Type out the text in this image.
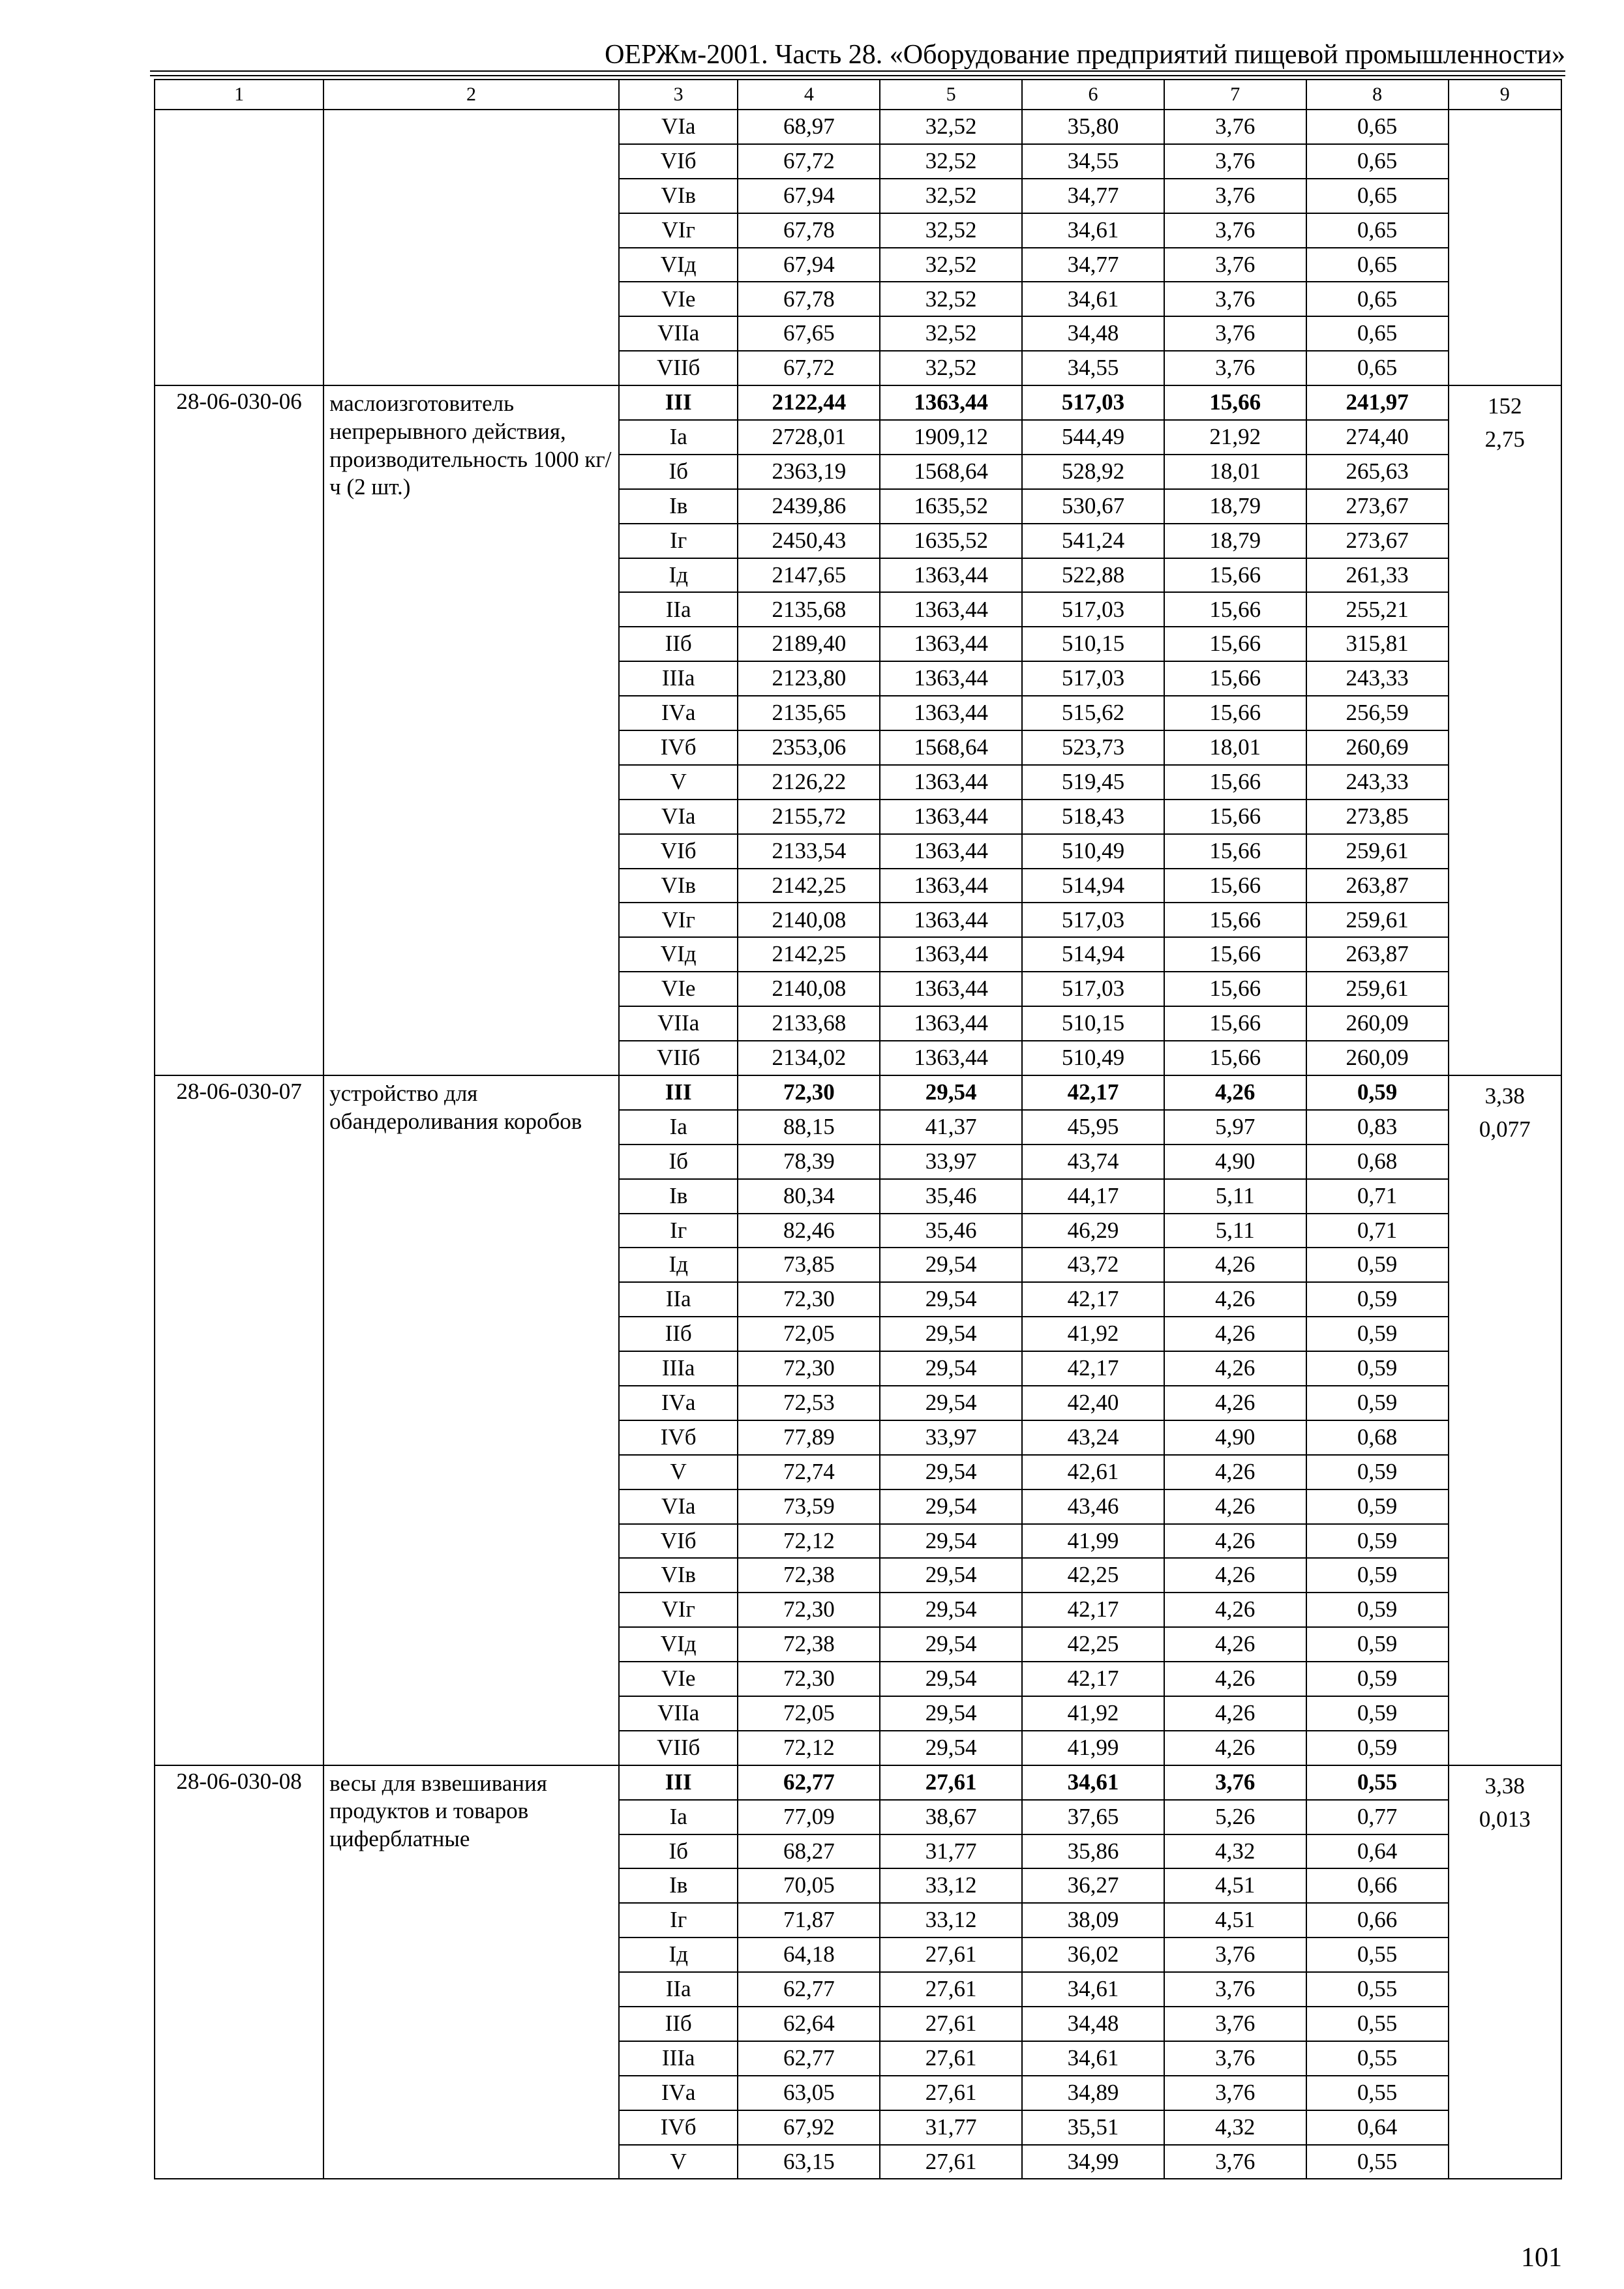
ОЕРЖм-2001. Часть 28. «Оборудование предприятий пищевой промышленности»
1	2	3	4	5	6	7	8	9
		VIа	68,97	32,52	35,80	3,76	0,65	
		VIб	67,72	32,52	34,55	3,76	0,65	
		VIв	67,94	32,52	34,77	3,76	0,65	
		VIг	67,78	32,52	34,61	3,76	0,65	
		VIд	67,94	32,52	34,77	3,76	0,65	
		VIе	67,78	32,52	34,61	3,76	0,65	
		VIIа	67,65	32,52	34,48	3,76	0,65	
		VIIб	67,72	32,52	34,55	3,76	0,65	
28-06-030-06	маслоизготовитель непрерывного действия, производительность 1000 кг/ч (2 шт.)	III	2122,44	1363,44	517,03	15,66	241,97	152
2,75

		Iа	2728,01	1909,12	544,49	21,92	274,40	
		Iб	2363,19	1568,64	528,92	18,01	265,63	
		Iв	2439,86	1635,52	530,67	18,79	273,67	
		Iг	2450,43	1635,52	541,24	18,79	273,67	
		Iд	2147,65	1363,44	522,88	15,66	261,33	
		IIа	2135,68	1363,44	517,03	15,66	255,21	
		IIб	2189,40	1363,44	510,15	15,66	315,81	
		IIIа	2123,80	1363,44	517,03	15,66	243,33	
		IVа	2135,65	1363,44	515,62	15,66	256,59	
		IVб	2353,06	1568,64	523,73	18,01	260,69	
		V	2126,22	1363,44	519,45	15,66	243,33	
		VIа	2155,72	1363,44	518,43	15,66	273,85	
		VIб	2133,54	1363,44	510,49	15,66	259,61	
		VIв	2142,25	1363,44	514,94	15,66	263,87	
		VIг	2140,08	1363,44	517,03	15,66	259,61	
		VIд	2142,25	1363,44	514,94	15,66	263,87	
		VIе	2140,08	1363,44	517,03	15,66	259,61	
		VIIа	2133,68	1363,44	510,15	15,66	260,09	
		VIIб	2134,02	1363,44	510,49	15,66	260,09	
28-06-030-07	устройство для обандероливания коробов	III	72,30	29,54	42,17	4,26	0,59	3,38
0,077

		Iа	88,15	41,37	45,95	5,97	0,83	
		Iб	78,39	33,97	43,74	4,90	0,68	
		Iв	80,34	35,46	44,17	5,11	0,71	
		Iг	82,46	35,46	46,29	5,11	0,71	
		Iд	73,85	29,54	43,72	4,26	0,59	
		IIа	72,30	29,54	42,17	4,26	0,59	
		IIб	72,05	29,54	41,92	4,26	0,59	
		IIIа	72,30	29,54	42,17	4,26	0,59	
		IVа	72,53	29,54	42,40	4,26	0,59	
		IVб	77,89	33,97	43,24	4,90	0,68	
		V	72,74	29,54	42,61	4,26	0,59	
		VIа	73,59	29,54	43,46	4,26	0,59	
		VIб	72,12	29,54	41,99	4,26	0,59	
		VIв	72,38	29,54	42,25	4,26	0,59	
		VIг	72,30	29,54	42,17	4,26	0,59	
		VIд	72,38	29,54	42,25	4,26	0,59	
		VIе	72,30	29,54	42,17	4,26	0,59	
		VIIа	72,05	29,54	41,92	4,26	0,59	
		VIIб	72,12	29,54	41,99	4,26	0,59	
28-06-030-08	весы для взвешивания продуктов и товаров циферблатные	III	62,77	27,61	34,61	3,76	0,55	3,38
0,013

		Iа	77,09	38,67	37,65	5,26	0,77	
		Iб	68,27	31,77	35,86	4,32	0,64	
		Iв	70,05	33,12	36,27	4,51	0,66	
		Iг	71,87	33,12	38,09	4,51	0,66	
		Iд	64,18	27,61	36,02	3,76	0,55	
		IIа	62,77	27,61	34,61	3,76	0,55	
		IIб	62,64	27,61	34,48	3,76	0,55	
		IIIа	62,77	27,61	34,61	3,76	0,55	
		IVа	63,05	27,61	34,89	3,76	0,55	
		IVб	67,92	31,77	35,51	4,32	0,64	
		V	63,15	27,61	34,99	3,76	0,55	
101
